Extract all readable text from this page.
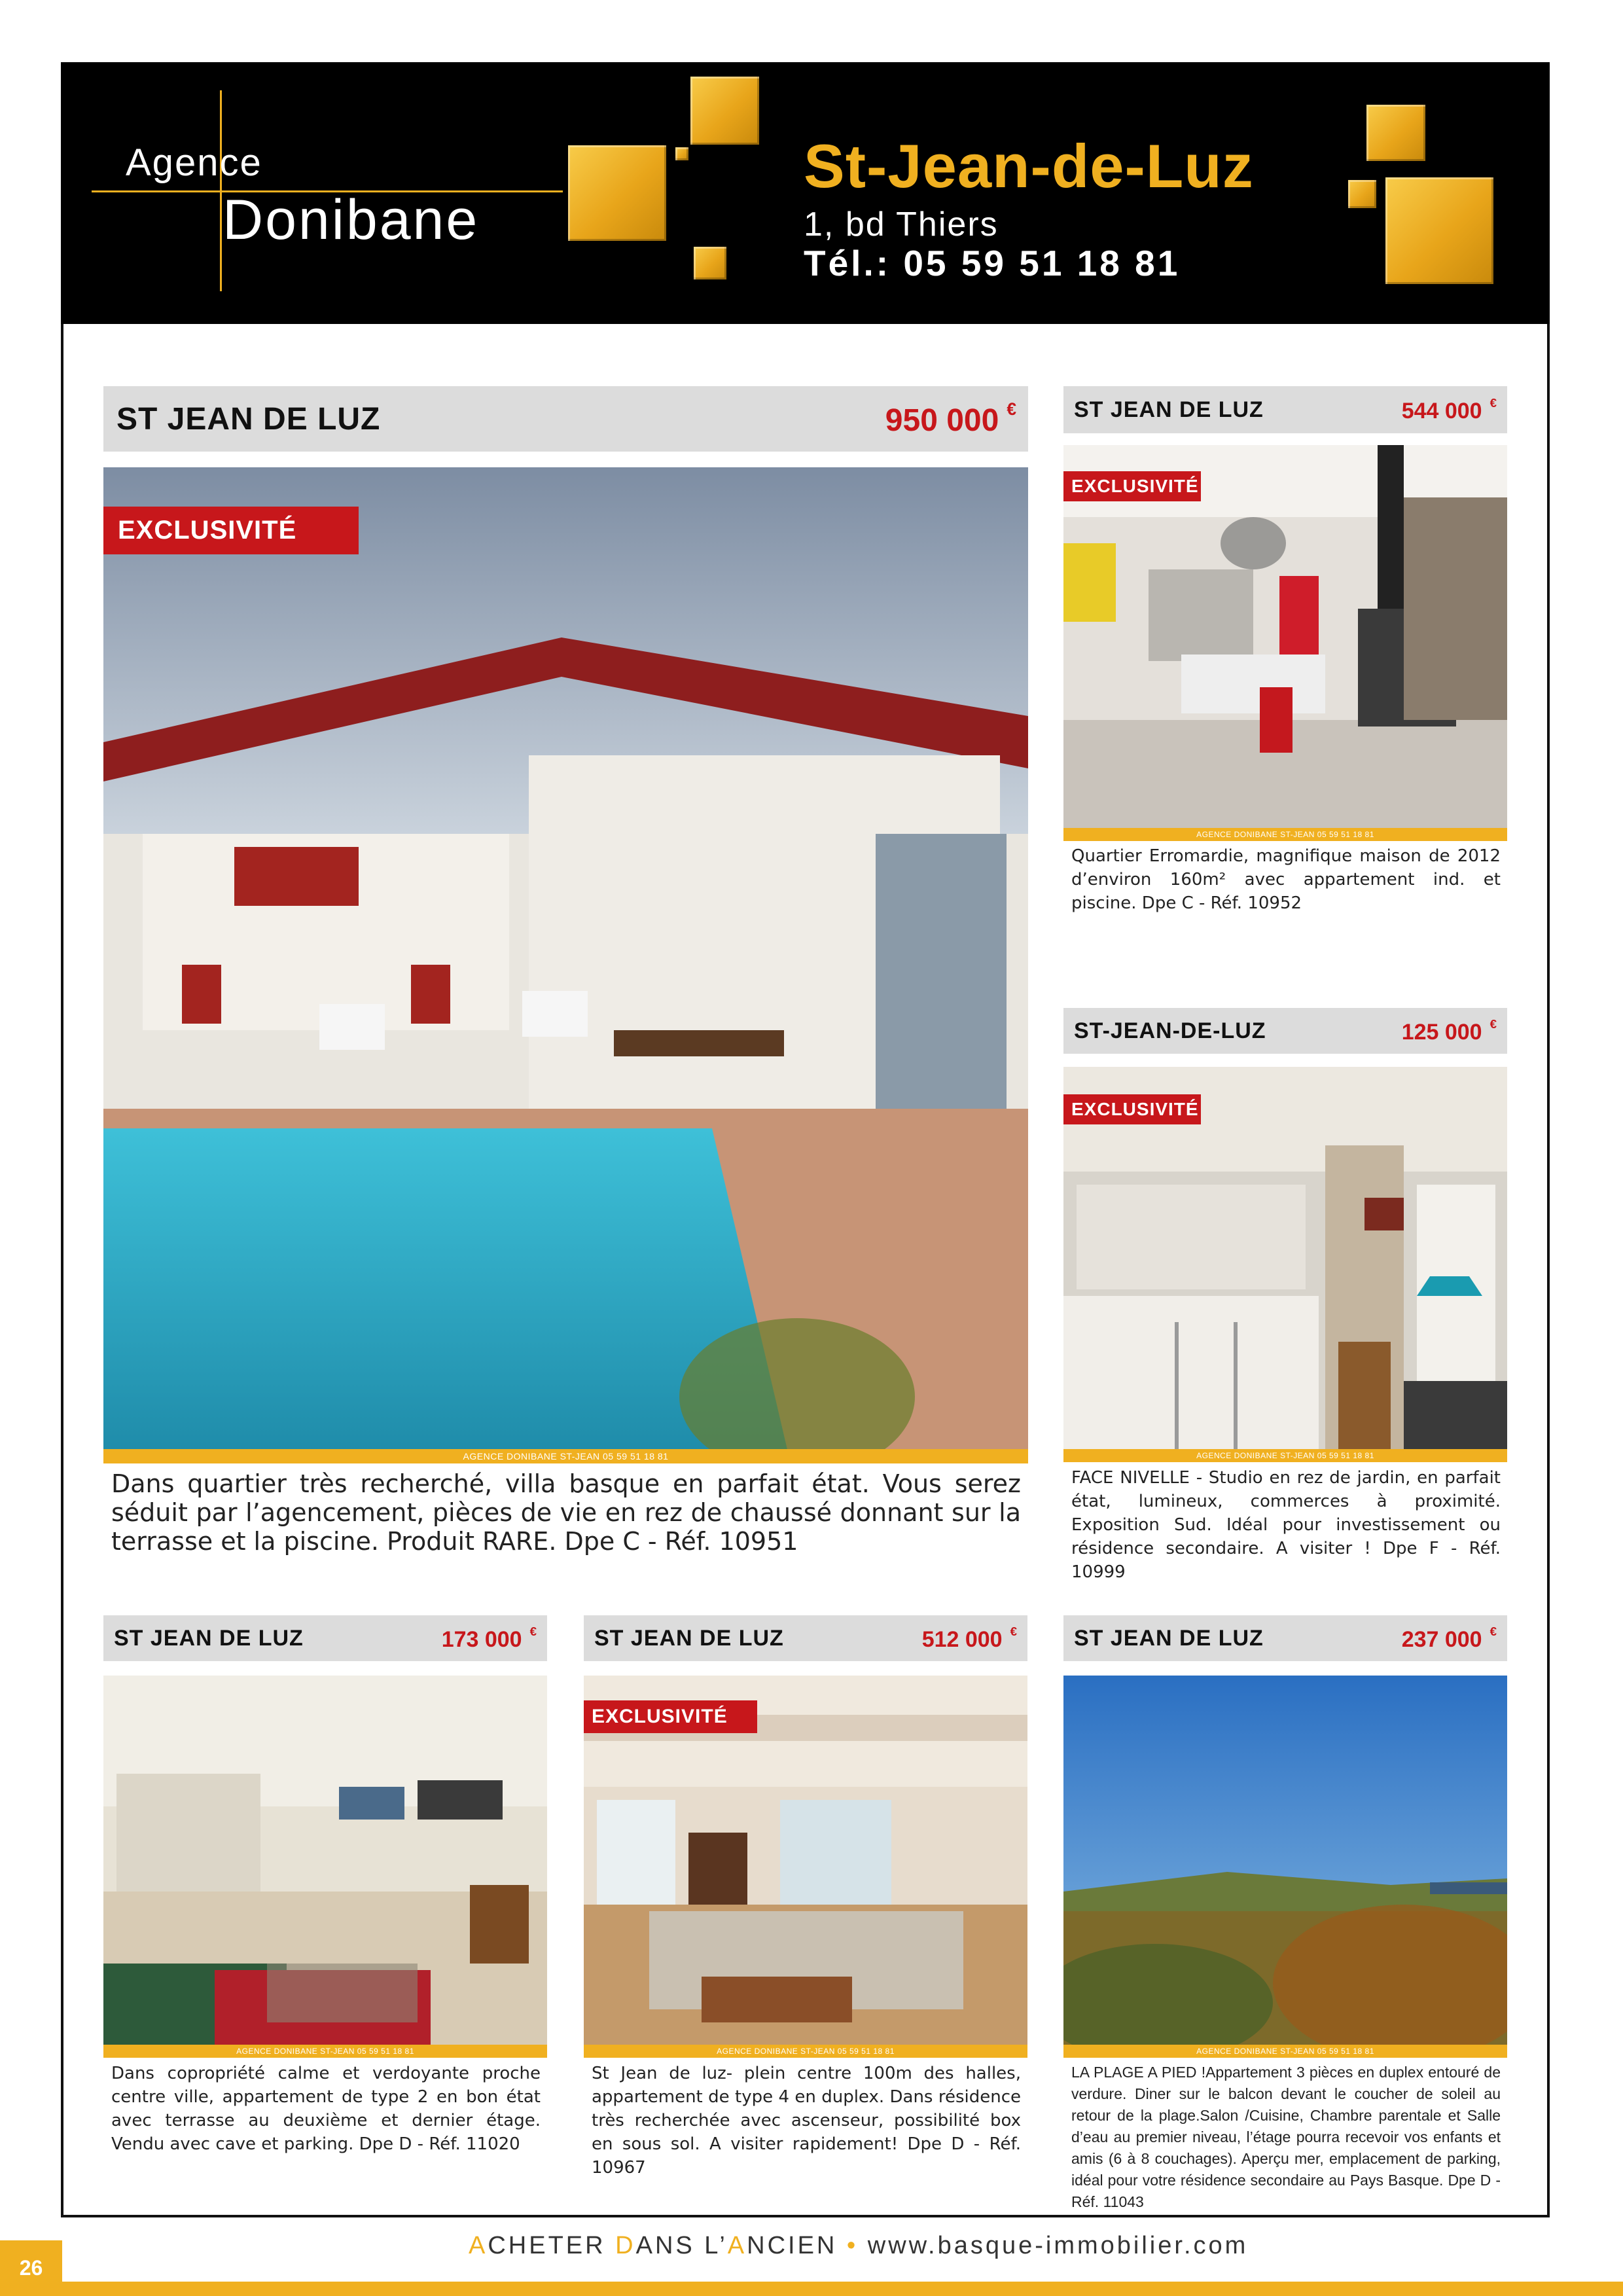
Agence
Donibane
St-Jean-de-Luz
1, bd Thiers
Tél.: 05 59 51 18 81
ST JEAN DE LUZ	950 000 €
EXCLUSIVITÉ
AGENCE DONIBANE ST-JEAN 05 59 51 18 81
Dans quartier très recherché, villa basque en parfait état. Vous serez séduit par l’agencement, pièces de vie en rez de chaussé donnant sur la terrasse et la piscine. Produit RARE. Dpe C - Réf. 10951
ST JEAN DE LUZ	544 000 €
EXCLUSIVITÉ
AGENCE DONIBANE ST-JEAN 05 59 51 18 81
Quartier Erromardie, magnifique maison de 2012 d’environ 160m² avec appartement ind. et piscine. Dpe C - Réf. 10952
ST-JEAN-DE-LUZ	125 000 €
EXCLUSIVITÉ
AGENCE DONIBANE ST-JEAN 05 59 51 18 81
FACE NIVELLE - Studio en rez de jardin, en parfait état, lumineux, commerces à proximité. Exposition Sud. Idéal pour investissement ou résidence secondaire. A visiter ! Dpe F - Réf. 10999
ST JEAN DE LUZ	173 000 €
AGENCE DONIBANE ST-JEAN 05 59 51 18 81
Dans copropriété calme et verdoyante proche centre ville, appartement de type 2 en bon état avec terrasse au deuxième et dernier étage. Vendu avec cave et parking. Dpe D - Réf. 11020
ST JEAN DE LUZ	512 000 €
EXCLUSIVITÉ
AGENCE DONIBANE ST-JEAN 05 59 51 18 81
St Jean de luz- plein centre 100m des halles, appartement de type 4 en duplex. Dans résidence très recherchée avec ascenseur, possibilité box en sous sol. A visiter rapidement! Dpe D - Réf. 10967
ST JEAN DE LUZ	237 000 €
AGENCE DONIBANE ST-JEAN 05 59 51 18 81
LA PLAGE A PIED !Appartement 3 pièces en duplex entouré de verdure. Diner sur le balcon devant le coucher de soleil au retour de la plage.Salon /Cuisine, Chambre parentale et Salle d’eau au premier niveau, l’étage pourra recevoir vos enfants et amis (6 à 8 couchages). Aperçu mer, emplacement de parking, idéal pour votre résidence secondaire au Pays Basque. Dpe D - Réf. 11043
26
ACHETER DANS L’ANCIEN • www.basque-immobilier.com
